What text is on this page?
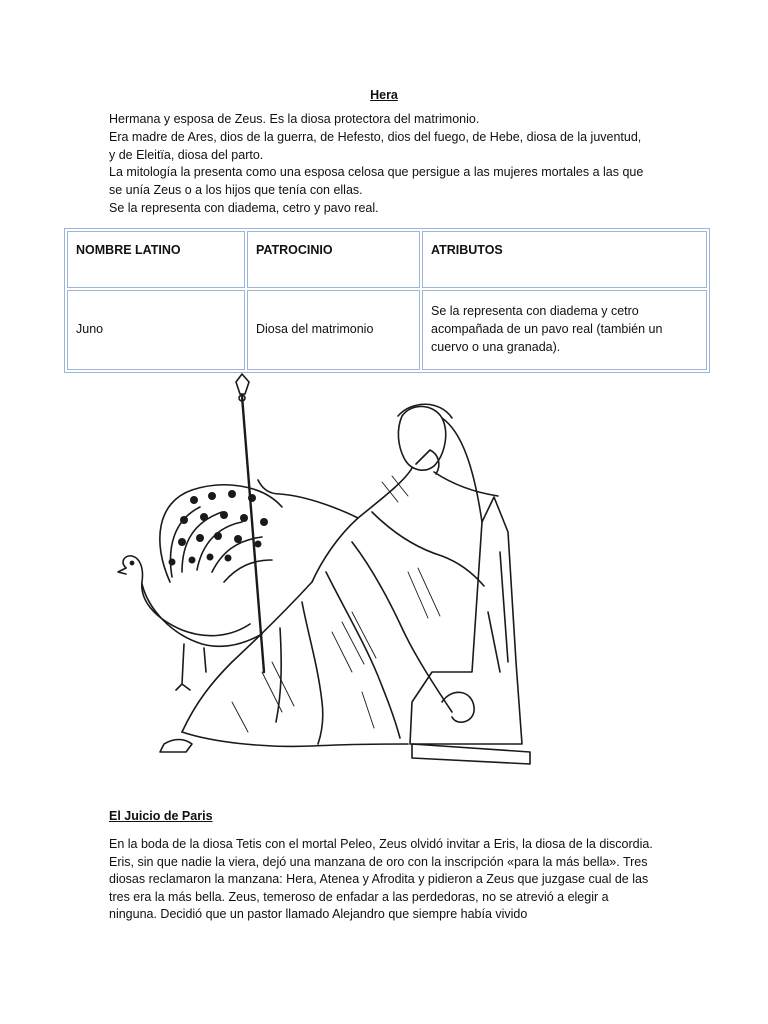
Hera

Hermana y esposa de Zeus. Es la diosa protectora del matrimonio.

Era madre de Ares, dios de la guerra, de Hefesto, dios del fuego, de Hebe, diosa de la juventud,

y de Eleitïa, diosa del parto.

La mitología la presenta como una esposa celosa que persigue a las mujeres mortales a las que

se unía Zeus o a los hijos que tenía con ellas.

Se la representa con diadema, cetro y pavo real.

NOMBRE LATINO	PATROCINIO	ATRIBUTOS
Juno	Diosa del matrimonio	Se la representa con diadema y cetro acompañada de un pavo real (también un cuervo o una granada).
El Juicio de Paris

En la boda de la diosa Tetis con el mortal Peleo, Zeus olvidó invitar a Eris, la diosa de la discordia. Eris, sin que nadie la viera, dejó una manzana de oro con la inscripción «para la más bella». Tres diosas reclamaron la manzana: Hera, Atenea y Afrodita y pidieron a Zeus que juzgase cual de las tres era la más bella. Zeus, temeroso de enfadar a las perdedoras, no se atrevió a elegir a ninguna. Decidió que un pastor llamado Alejandro que siempre había vivido
